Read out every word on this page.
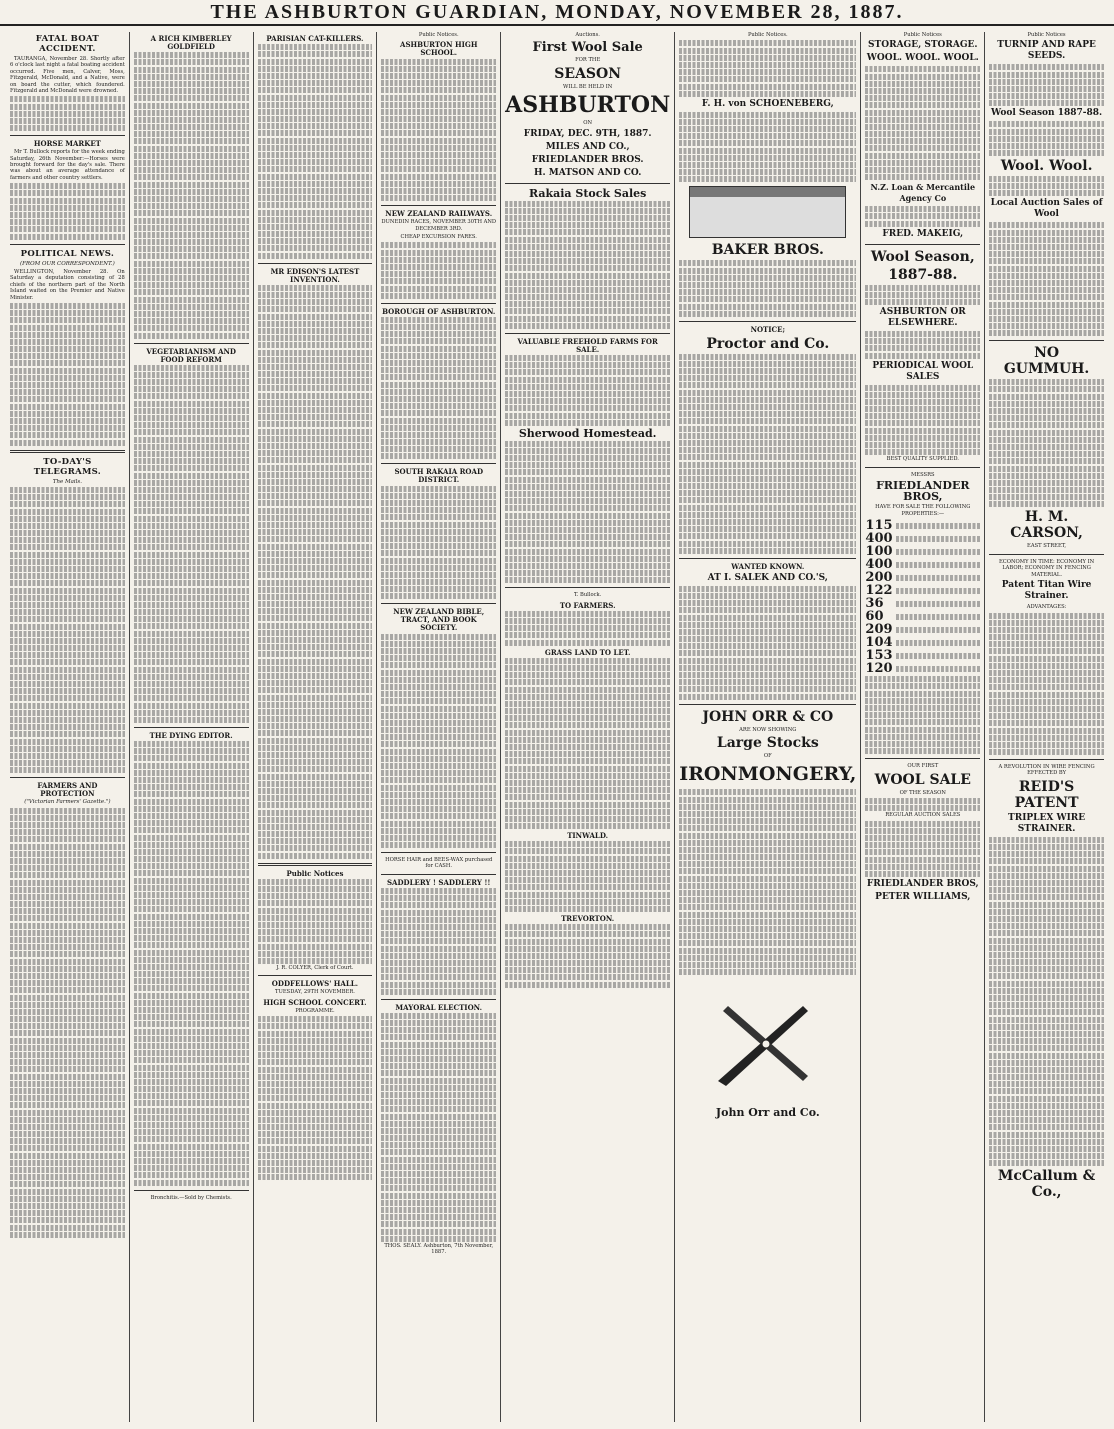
THE ASHBURTON GUARDIAN, MONDAY, NOVEMBER 28, 1887.
FATAL BOAT ACCIDENT.

TAURANGA, November 28. Shortly after 6 o'clock last night a fatal boating accident occurred. Five men, Calver, Moss, Fitzgerald, McDonald, and a Native, were on board the cutter, which foundered. Fitzgerald and McDonald were drowned.

HORSE MARKET

Mr T. Bullock reports for the week ending Saturday, 26th November:—Horses were brought forward for the day's sale. There was about an average attendance of farmers and other country settlers.

POLITICAL NEWS.
(FROM OUR CORRESPONDENT.)

WELLINGTON, November 28. On Saturday a deputation consisting of 28 chiefs of the northern part of the North Island waited on the Premier and Native Minister.

TO-DAY'S TELEGRAMS.
The Mails.
FARMERS AND PROTECTION
("Victorian Farmers' Gazette.")
A RICH KIMBERLEY GOLDFIELD
VEGETARIANISM AND FOOD REFORM
THE DYING EDITOR.

Bronchitis.—Sold by Chemists.

PARISIAN CAT-KILLERS.
MR EDISON'S LATEST INVENTION.
Public Notices

J. R. COLYER, Clerk of Court.

ODDFELLOWS' HALL.

TUESDAY, 29TH NOVEMBER.

HIGH SCHOOL CONCERT.

PROGRAMME.

Public Notices.

ASHBURTON HIGH SCHOOL.
NEW ZEALAND RAILWAYS.

DUNEDIN RACES, NOVEMBER 30TH AND DECEMBER 3RD.

CHEAP EXCURSION FARES.

BOROUGH OF ASHBURTON.
SOUTH RAKAIA ROAD DISTRICT.
NEW ZEALAND BIBLE, TRACT, AND BOOK SOCIETY.

HORSE HAIR and BEES-WAX purchased for CASH.

SADDLERY ! SADDLERY !!
MAYORAL ELECTION.

THOS. SEALY. Ashburton, 7th November, 1887.

Auctions.

First Wool Sale

FOR THE

SEASON

WILL BE HELD IN

ASHBURTON

ON

FRIDAY, DEC. 9TH, 1887.
MILES AND CO.,
FRIEDLANDER BROS.
H. MATSON AND CO.
Rakaia Stock Sales
VALUABLE FREEHOLD FARMS FOR SALE.
Sherwood Homestead.

T. Bullock.

TO FARMERS.
GRASS LAND TO LET.
TINWALD.
TREVORTON.

Public Notices.

F. H. von SCHOENEBERG,
BAKER BROS.
NOTICE;
Proctor and Co.
WANTED KNOWN.
AT I. SALEK AND CO.'S,
JOHN ORR & CO

ARE NOW SHOWING

Large Stocks

OF

IRONMONGERY,
John Orr and Co.

Public Notices

STORAGE, STORAGE.
WOOL. WOOL. WOOL.
N.Z. Loan & Mercantile Agency Co
FRED. MAKEIG,
Wool Season,
1887-88.
ASHBURTON OR ELSEWHERE.
PERIODICAL WOOL SALES

BEST QUALITY SUPPLIED.

MESSRS

FRIEDLANDER BROS,

HAVE FOR SALE THE FOLLOWING PROPERTIES:—

115
400
100
400
200
122
36
60
209
104
153
120

OUR FIRST

WOOL SALE

OF THE SEASON

REGULAR AUCTION SALES

FRIEDLANDER BROS,
PETER WILLIAMS,

Public Notices

TURNIP AND RAPE SEEDS.
Wool Season 1887-88.
Wool. Wool.
Local Auction Sales of Wool
NO GUMMUH.
H. M. CARSON,

EAST STREET,

ECONOMY IN TIME: ECONOMY IN LABOR; ECONOMY IN FENCING MATERIAL.

Patent Titan Wire Strainer.

ADVANTAGES:

A REVOLUTION IN WIRE FENCING EFFECTED BY

REID'S PATENT
TRIPLEX WIRE STRAINER.
McCallum & Co.,
